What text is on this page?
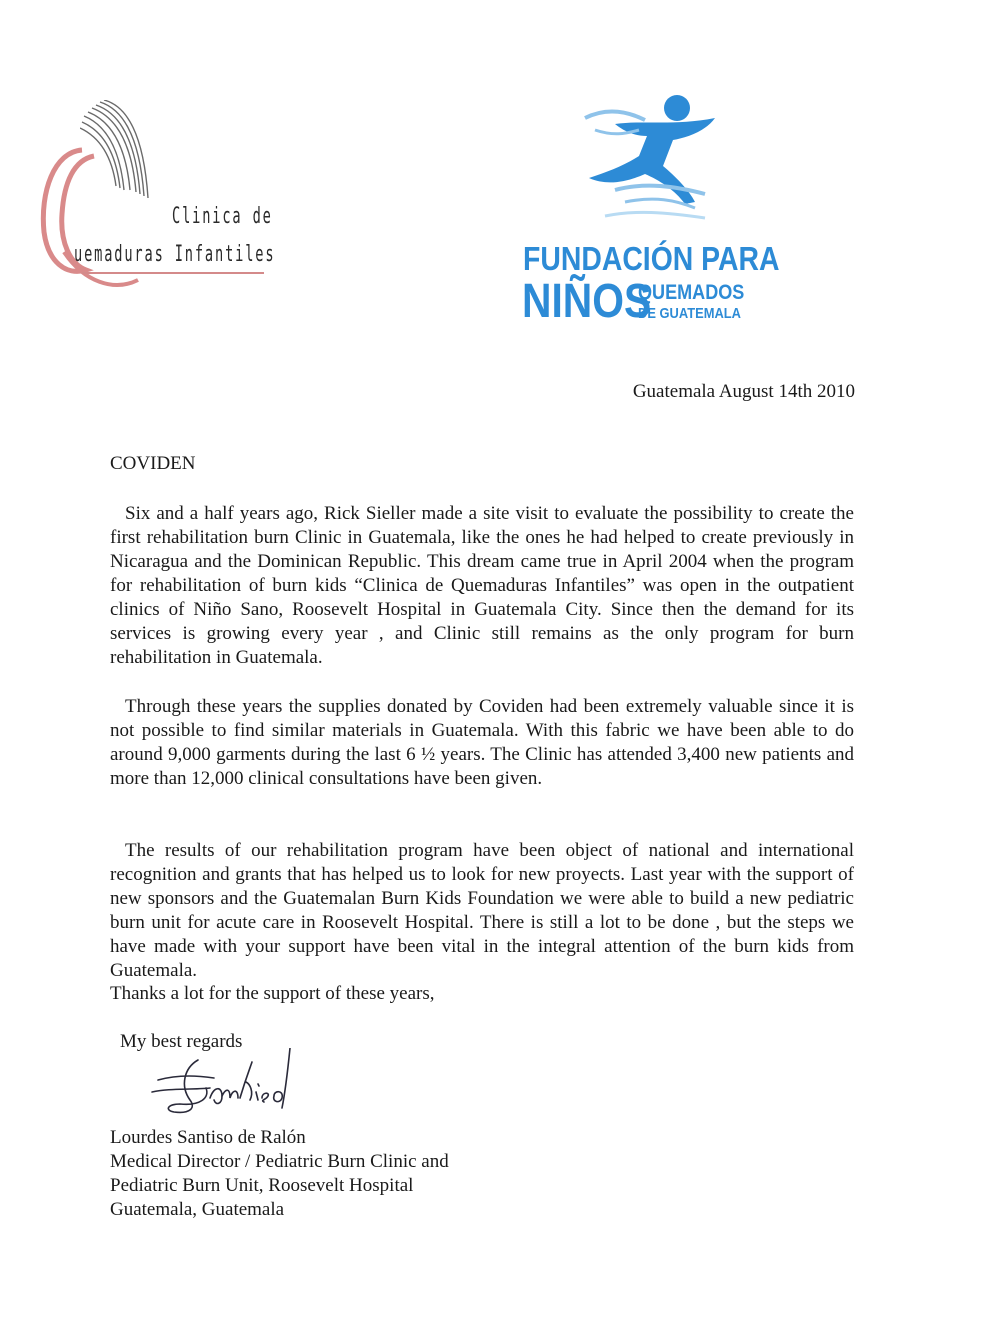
Clinica de
uemaduras Infantiles	FUNDACIÓN PARA
NIÑOS
QUEMADOS
DE GUATEMALA
Guatemala August 14th 2010
COVIDEN

Six and a half years ago, Rick Sieller made a site visit to evaluate the possibility to create the first rehabilitation burn Clinic in Guatemala, like the ones he had helped to create previously in Nicaragua and the Dominican Republic. This dream came true in April 2004 when the program for rehabilitation of burn kids “Clinica de Quemaduras Infantiles” was open in the outpatient clinics of Niño Sano, Roosevelt Hospital in Guatemala City. Since then the demand for its services is growing every year , and Clinic still remains as the only program for burn rehabilitation in Guatemala.

Through these years the supplies donated by Coviden had been extremely valuable since it is not possible to find similar materials in Guatemala. With this fabric we have been able to do around 9,000 garments during the last 6 ½ years. The Clinic has attended 3,400 new patients and more than 12,000 clinical consultations have been given.

The results of our rehabilitation program have been object of national and international recognition and grants that has helped us to look for new proyects. Last year with the support of new sponsors and the Guatemalan Burn Kids Foundation we were able to build a new pediatric burn unit for acute care in Roosevelt Hospital. There is still a lot to be done , but the steps we have made with your support have been vital in the integral attention of the burn kids from Guatemala.

Thanks a lot for the support of these years,
My best regards
Lourdes Santiso de Ralón
Medical Director / Pediatric Burn Clinic and
Pediatric Burn Unit, Roosevelt Hospital
Guatemala, Guatemala
